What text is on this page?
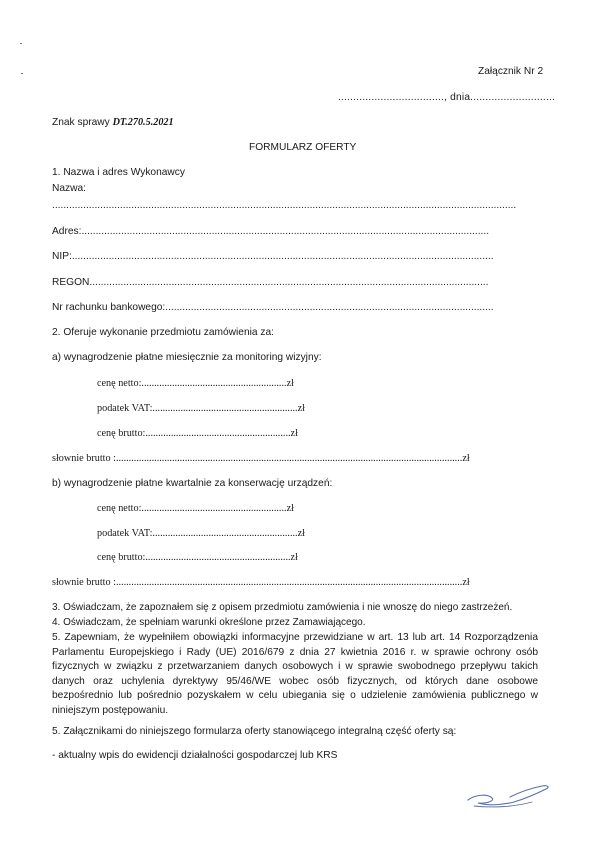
Załącznik Nr 2
..................................., dnia............................
Znak sprawy DT.270.5.2021
FORMULARZ OFERTY
1. Nazwa i adres Wykonawcy
Nazwa:
....................................................................................................................................................................
Adres:................................................................................................................................................
NIP:.....................................................................................................................................................
REGON.............................................................................................................................................
Nr rachunku bankowego:....................................................................................................................
2. Oferuje wykonanie przedmiotu zamówienia za:
a) wynagrodzenie płatne miesięcznie za monitoring wizyjny:
cenę netto:.........................................................zł
podatek VAT:.........................................................zł
cenę brutto:.........................................................zł
słownie brutto :........................................................................................................................................zł
b) wynagrodzenie płatne kwartalnie za konserwację urządzeń:
cenę netto:.........................................................zł
podatek VAT:.........................................................zł
cenę brutto:.........................................................zł
słownie brutto :........................................................................................................................................zł
3. Oświadczam, że zapoznałem się z opisem przedmiotu zamówienia i nie wnoszę do niego zastrzeżeń.
4. Oświadczam, że spełniam warunki określone przez Zamawiającego.
5. Zapewniam, że wypełniłem obowiązki informacyjne przewidziane w art. 13 lub art. 14 Rozporządzenia Parlamentu Europejskiego i Rady (UE) 2016/679 z dnia 27 kwietnia 2016 r. w sprawie ochrony osób fizycznych w związku z przetwarzaniem danych osobowych i w sprawie swobodnego przepływu takich danych oraz uchylenia dyrektywy 95/46/WE wobec osób fizycznych, od których dane osobowe bezpośrednio lub pośrednio pozyskałem w celu ubiegania się o udzielenie zamówienia publicznego w niniejszym postępowaniu.
5. Załącznikami do niniejszego formularza oferty stanowiącego integralną część oferty są:
- aktualny wpis do ewidencji działalności gospodarczej lub KRS
